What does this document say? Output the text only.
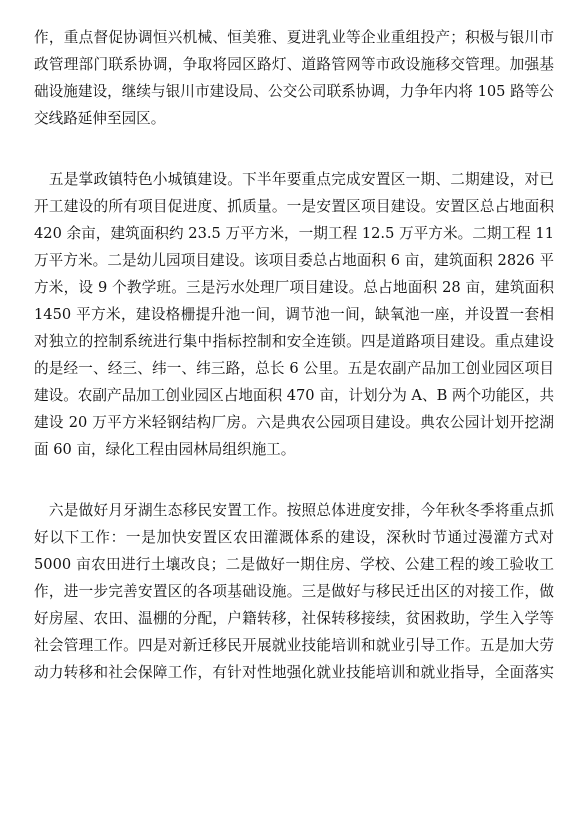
作，重点督促协调恒兴机械、恒美雅、夏进乳业等企业重组投产；积极与银川市
政管理部门联系协调，争取将园区路灯、道路管网等市政设施移交管理。加强基
础设施建设，继续与银川市建设局、公交公司联系协调，力争年内将 105 路等公
交线路延伸至园区。

　五是掌政镇特色小城镇建设。下半年要重点完成安置区一期、二期建设，对已
开工建设的所有项目促进度、抓质量。一是安置区项目建设。安置区总占地面积
420 余亩，建筑面积约 23.5 万平方米，一期工程 12.5 万平方米。二期工程 11
万平方米。二是幼儿园项目建设。该项目委总占地面积 6 亩，建筑面积 2826 平
方米，设 9 个教学班。三是污水处理厂项目建设。总占地面积 28 亩，建筑面积
1450 平方米，建设格栅提升池一间，调节池一间，缺氧池一座，并设置一套相
对独立的控制系统进行集中指标控制和安全连锁。四是道路项目建设。重点建设
的是经一、经三、纬一、纬三路，总长 6 公里。五是农副产品加工创业园区项目
建设。农副产品加工创业园区占地面积 470 亩，计划分为 A、B 两个功能区，共
建设 20 万平方米轻钢结构厂房。六是典农公园项目建设。典农公园计划开挖湖
面 60 亩，绿化工程由园林局组织施工。

　六是做好月牙湖生态移民安置工作。按照总体进度安排，今年秋冬季将重点抓
好以下工作：一是加快安置区农田灌溉体系的建设，深秋时节通过漫灌方式对
5000 亩农田进行土壤改良；二是做好一期住房、学校、公建工程的竣工验收工
作，进一步完善安置区的各项基础设施。三是做好与移民迁出区的对接工作，做
好房屋、农田、温棚的分配，户籍转移，社保转移接续，贫困救助，学生入学等
社会管理工作。四是对新迁移民开展就业技能培训和就业引导工作。五是加大劳
动力转移和社会保障工作，有针对性地强化就业技能培训和就业指导，全面落实
